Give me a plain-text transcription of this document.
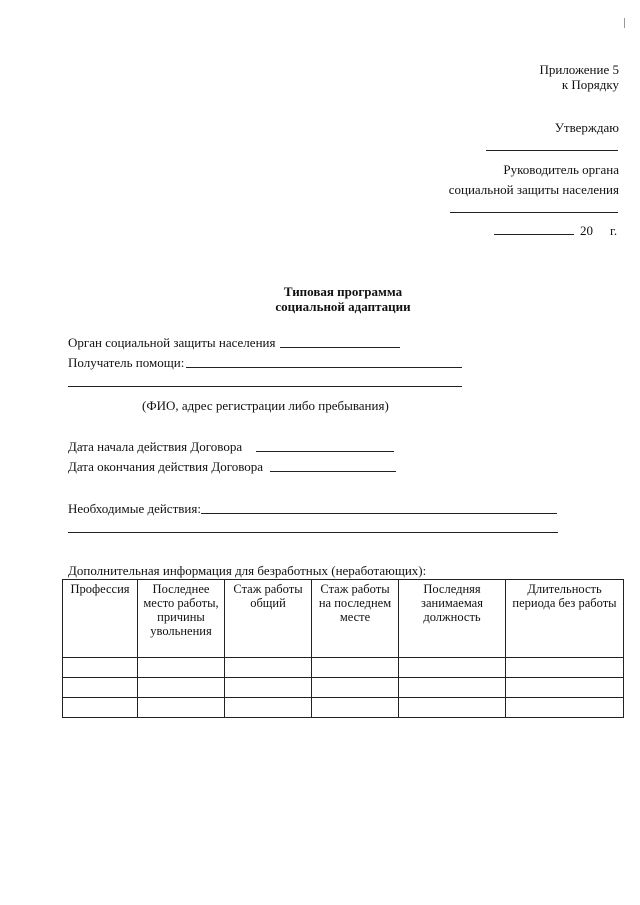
Приложение 5
к Порядку
Утверждаю
Руководитель органа
социальной защиты населения
20 г.
Типовая программа
социальной адаптации
Орган социальной защиты населения
Получатель помощи:
(ФИО, адрес регистрации либо пребывания)
Дата начала действия Договора
Дата окончания действия Договора
Необходимые действия:
Дополнительная информация для безработных (неработающих):
Профессия	Последнее место работы, причины увольнения	Стаж работы общий	Стаж работы на последнем месте	Последняя занимаемая должность	Длительность периода без работы
